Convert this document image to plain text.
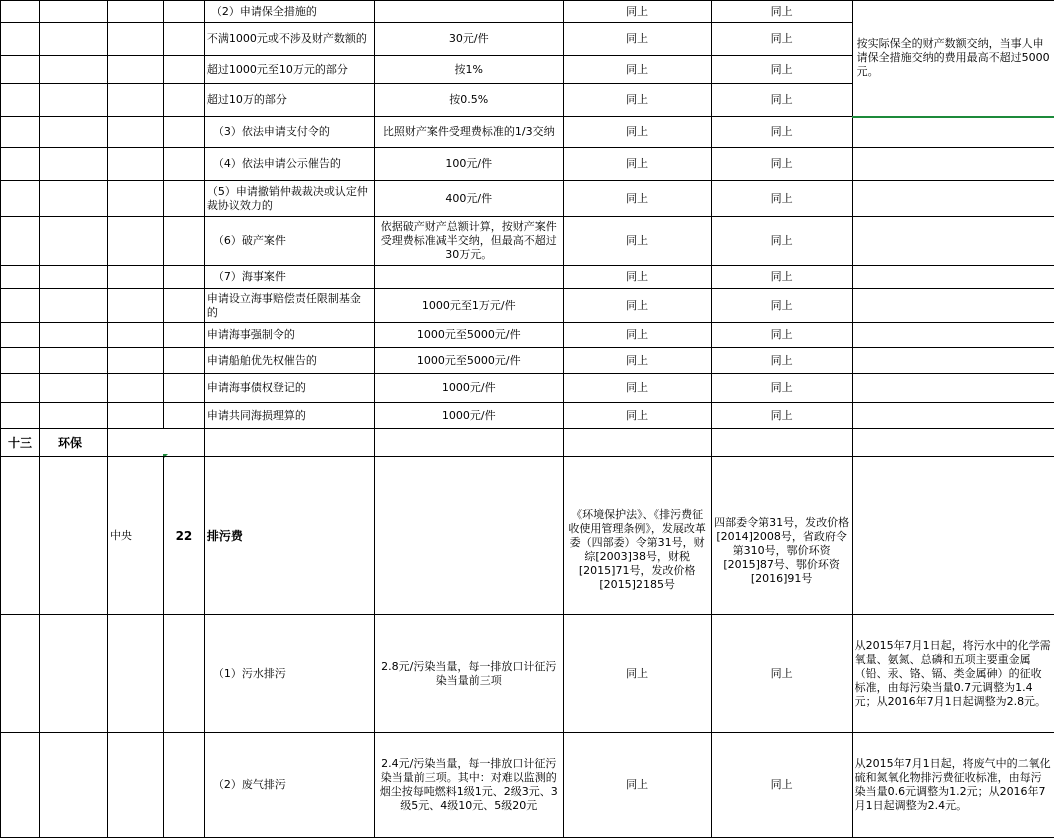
				（2）申请保全措施的		同上	同上	按实际保全的财产数额交纳，当事人申请保全措施交纳的费用最高不超过5000元。
				不满1000元或不涉及财产数额的	30元/件	同上	同上	
				超过1000元至10万元的部分	按1%	同上	同上	
				超过10万的部分	按0.5%	同上	同上	
				（3）依法申请支付令的	比照财产案件受理费标准的1/3交纳	同上	同上	
				（4）依法申请公示催告的	100元/件	同上	同上	
				（5）申请撤销仲裁裁决或认定仲裁协议效力的	400元/件	同上	同上	
				（6）破产案件	依据破产财产总额计算，按财产案件受理费标准减半交纳，但最高不超过30万元。	同上	同上	
				（7）海事案件		同上	同上	
				申请设立海事赔偿责任限制基金的	1000元至1万元/件	同上	同上	
				申请海事强制令的	1000元至5000元/件	同上	同上	
				申请船舶优先权催告的	1000元至5000元/件	同上	同上	
				申请海事债权登记的	1000元/件	同上	同上	
				申请共同海损理算的	1000元/件	同上	同上	
十三	环保							
		中央	22	排污费		《环境保护法》、《排污费征收使用管理条例》，发展改革委（四部委）令第31号，财综[2003]38号，财税[2015]71号，发改价格[2015]2185号	四部委令第31号，发改价格[2014]2008号，省政府令第310号，鄂价环资[2015]87号、鄂价环资[2016]91号	
				（1）污水排污	2.8元/污染当量，每一排放口计征污染当量前三项	同上	同上	从2015年7月1日起，将污水中的化学需氧量、氨氮、总磷和五项主要重金属（铅、汞、铬、镉、类金属砷）的征收标准，由每污染当量0.7元调整为1.4元；从2016年7月1日起调整为2.8元。
				（2）废气排污	2.4元/污染当量，每一排放口计征污染当量前三项。其中：对难以监测的烟尘按每吨燃料1级1元、2级3元、3级5元、4级10元、5级20元	同上	同上	从2015年7月1日起，将废气中的二氧化硫和氮氧化物排污费征收标准，由每污染当量0.6元调整为1.2元；从2016年7月1日起调整为2.4元。
